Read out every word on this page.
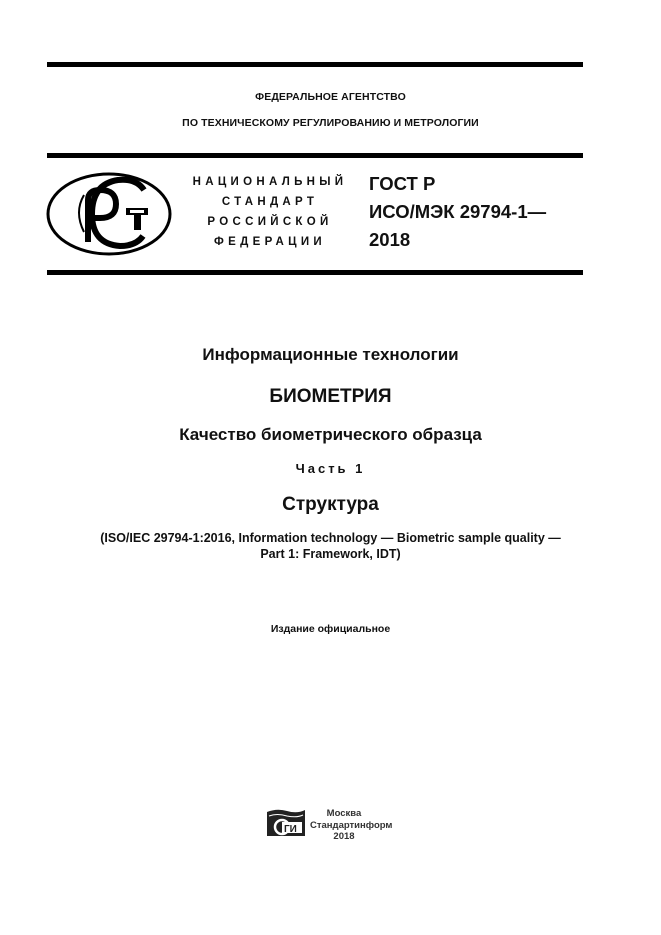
ФЕДЕРАЛЬНОЕ АГЕНТСТВО
ПО ТЕХНИЧЕСКОМУ РЕГУЛИРОВАНИЮ И МЕТРОЛОГИИ
НАЦИОНАЛЬНЫЙ
СТАНДАРТ
РОССИЙСКОЙ
ФЕДЕРАЦИИ
ГОСТ Р
ИСО/МЭК 29794-1—
2018
Информационные технологии
БИОМЕТРИЯ
Качество биометрического образца
Часть 1
Структура
(ISO/IEC 29794-1:2016, Information technology — Biometric sample quality —
Part 1: Framework, IDT)
Издание официальное
ГИ
Москва
Стандартинформ
2018
